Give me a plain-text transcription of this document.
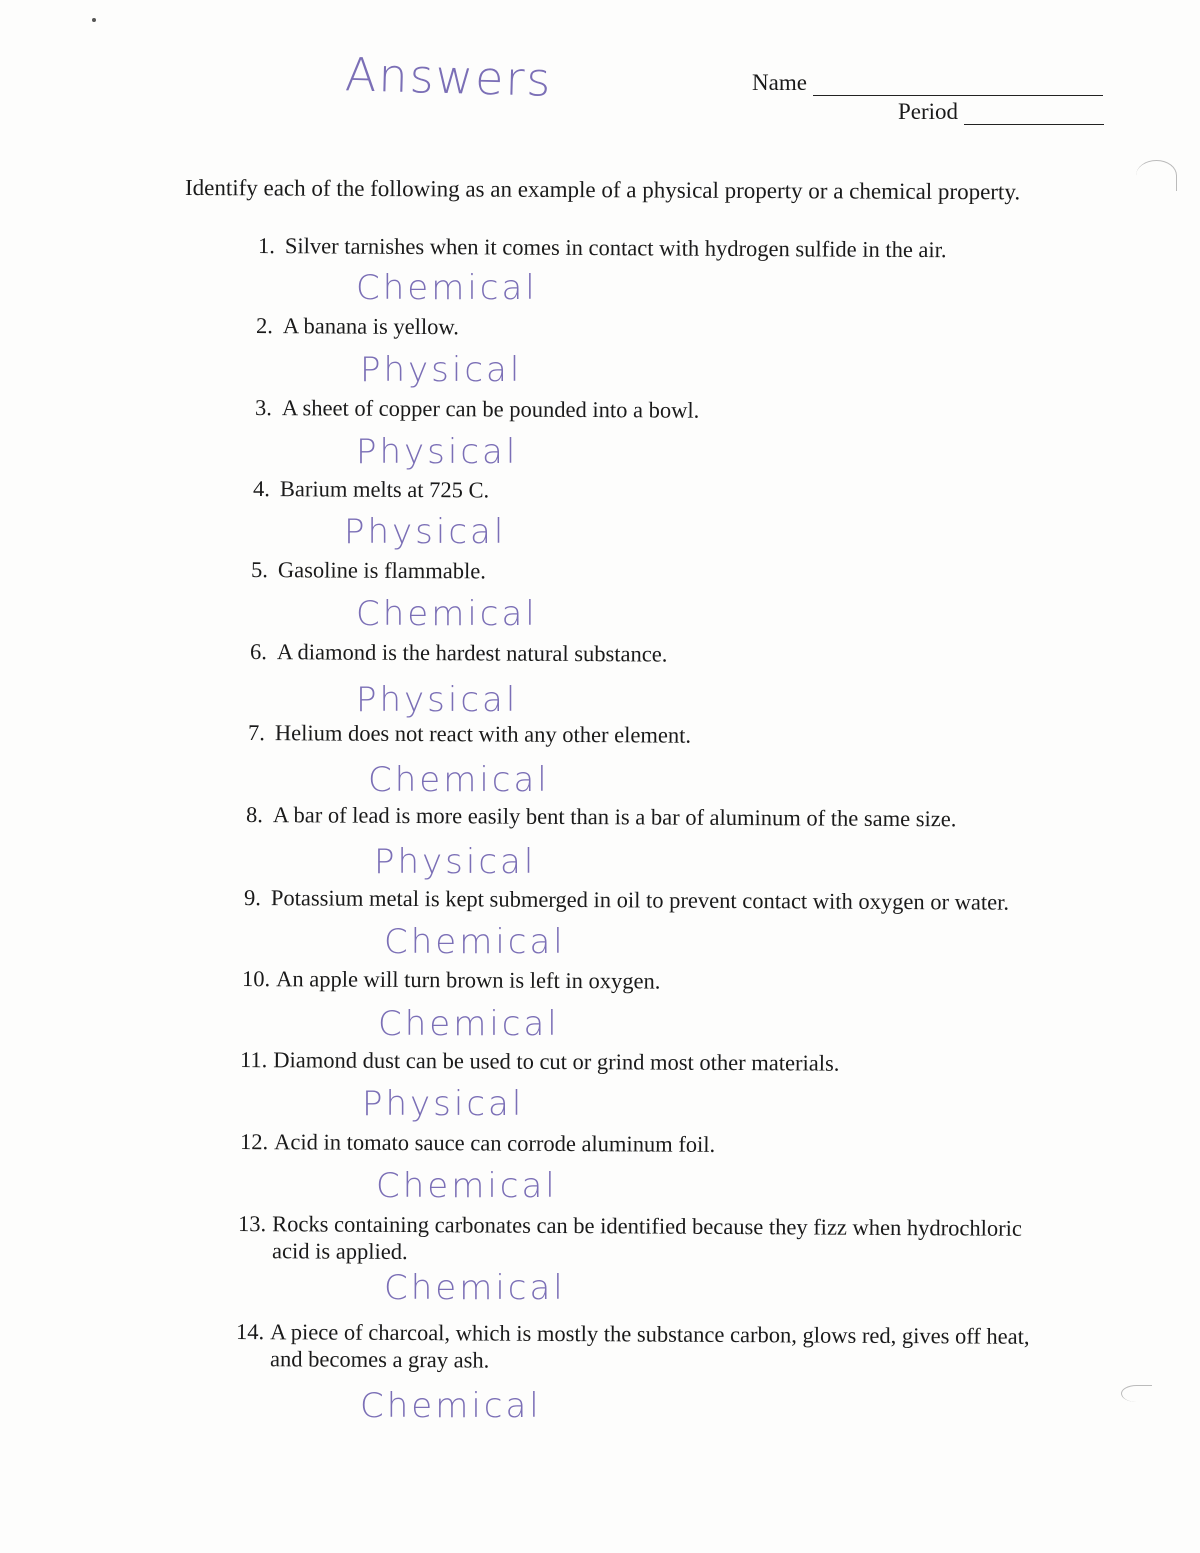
Answers	Name
Period
Identify each of the following as an example of a physical property or a chemical property.
1. Silver tarnishes when it comes in contact with hydrogen sulfide in the air.
Chemical
2. A banana is yellow.
Physical
3. A sheet of copper can be pounded into a bowl.
Physical
4. Barium melts at 725 C.
Physical
5. Gasoline is flammable.
Chemical
6. A diamond is the hardest natural substance.
Physical
7. Helium does not react with any other element.
Chemical
8. A bar of lead is more easily bent than is a bar of aluminum of the same size.
Physical
9. Potassium metal is kept submerged in oil to prevent contact with oxygen or water.
Chemical
10. An apple will turn brown is left in oxygen.
Chemical
11. Diamond dust can be used to cut or grind most other materials.
Physical
12. Acid in tomato sauce can corrode aluminum foil.
Chemical
13. Rocks containing carbonates can be identified because they fizz when hydrochloric
acid is applied.
Chemical
14. A piece of charcoal, which is mostly the substance carbon, glows red, gives off heat,
and becomes a gray ash.
Chemical
